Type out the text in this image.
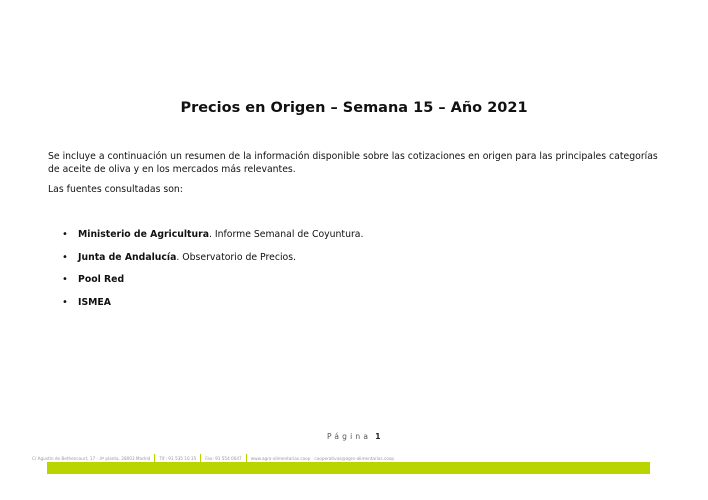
Precios en Origen – Semana 15 – Año 2021

Se incluye a continuación un resumen de la información disponible sobre las cotizaciones en origen para las principales categorías de aceite de oliva y en los mercados más relevantes.

Las fuentes consultadas son:

• Ministerio de Agricultura. Informe Semanal de Coyuntura.
• Junta de Andalucía. Observatorio de Precios.
• Pool Red
• ISMEA
Página 1
C/ Agustín de Bethencourt, 17 - 4ª planta. 28003 Madrid Tlf.: 91 535 10 35 Fax: 91 554 0047 www.agro-alimentarias.coop cooperativas@agro-alimentarias.coop
